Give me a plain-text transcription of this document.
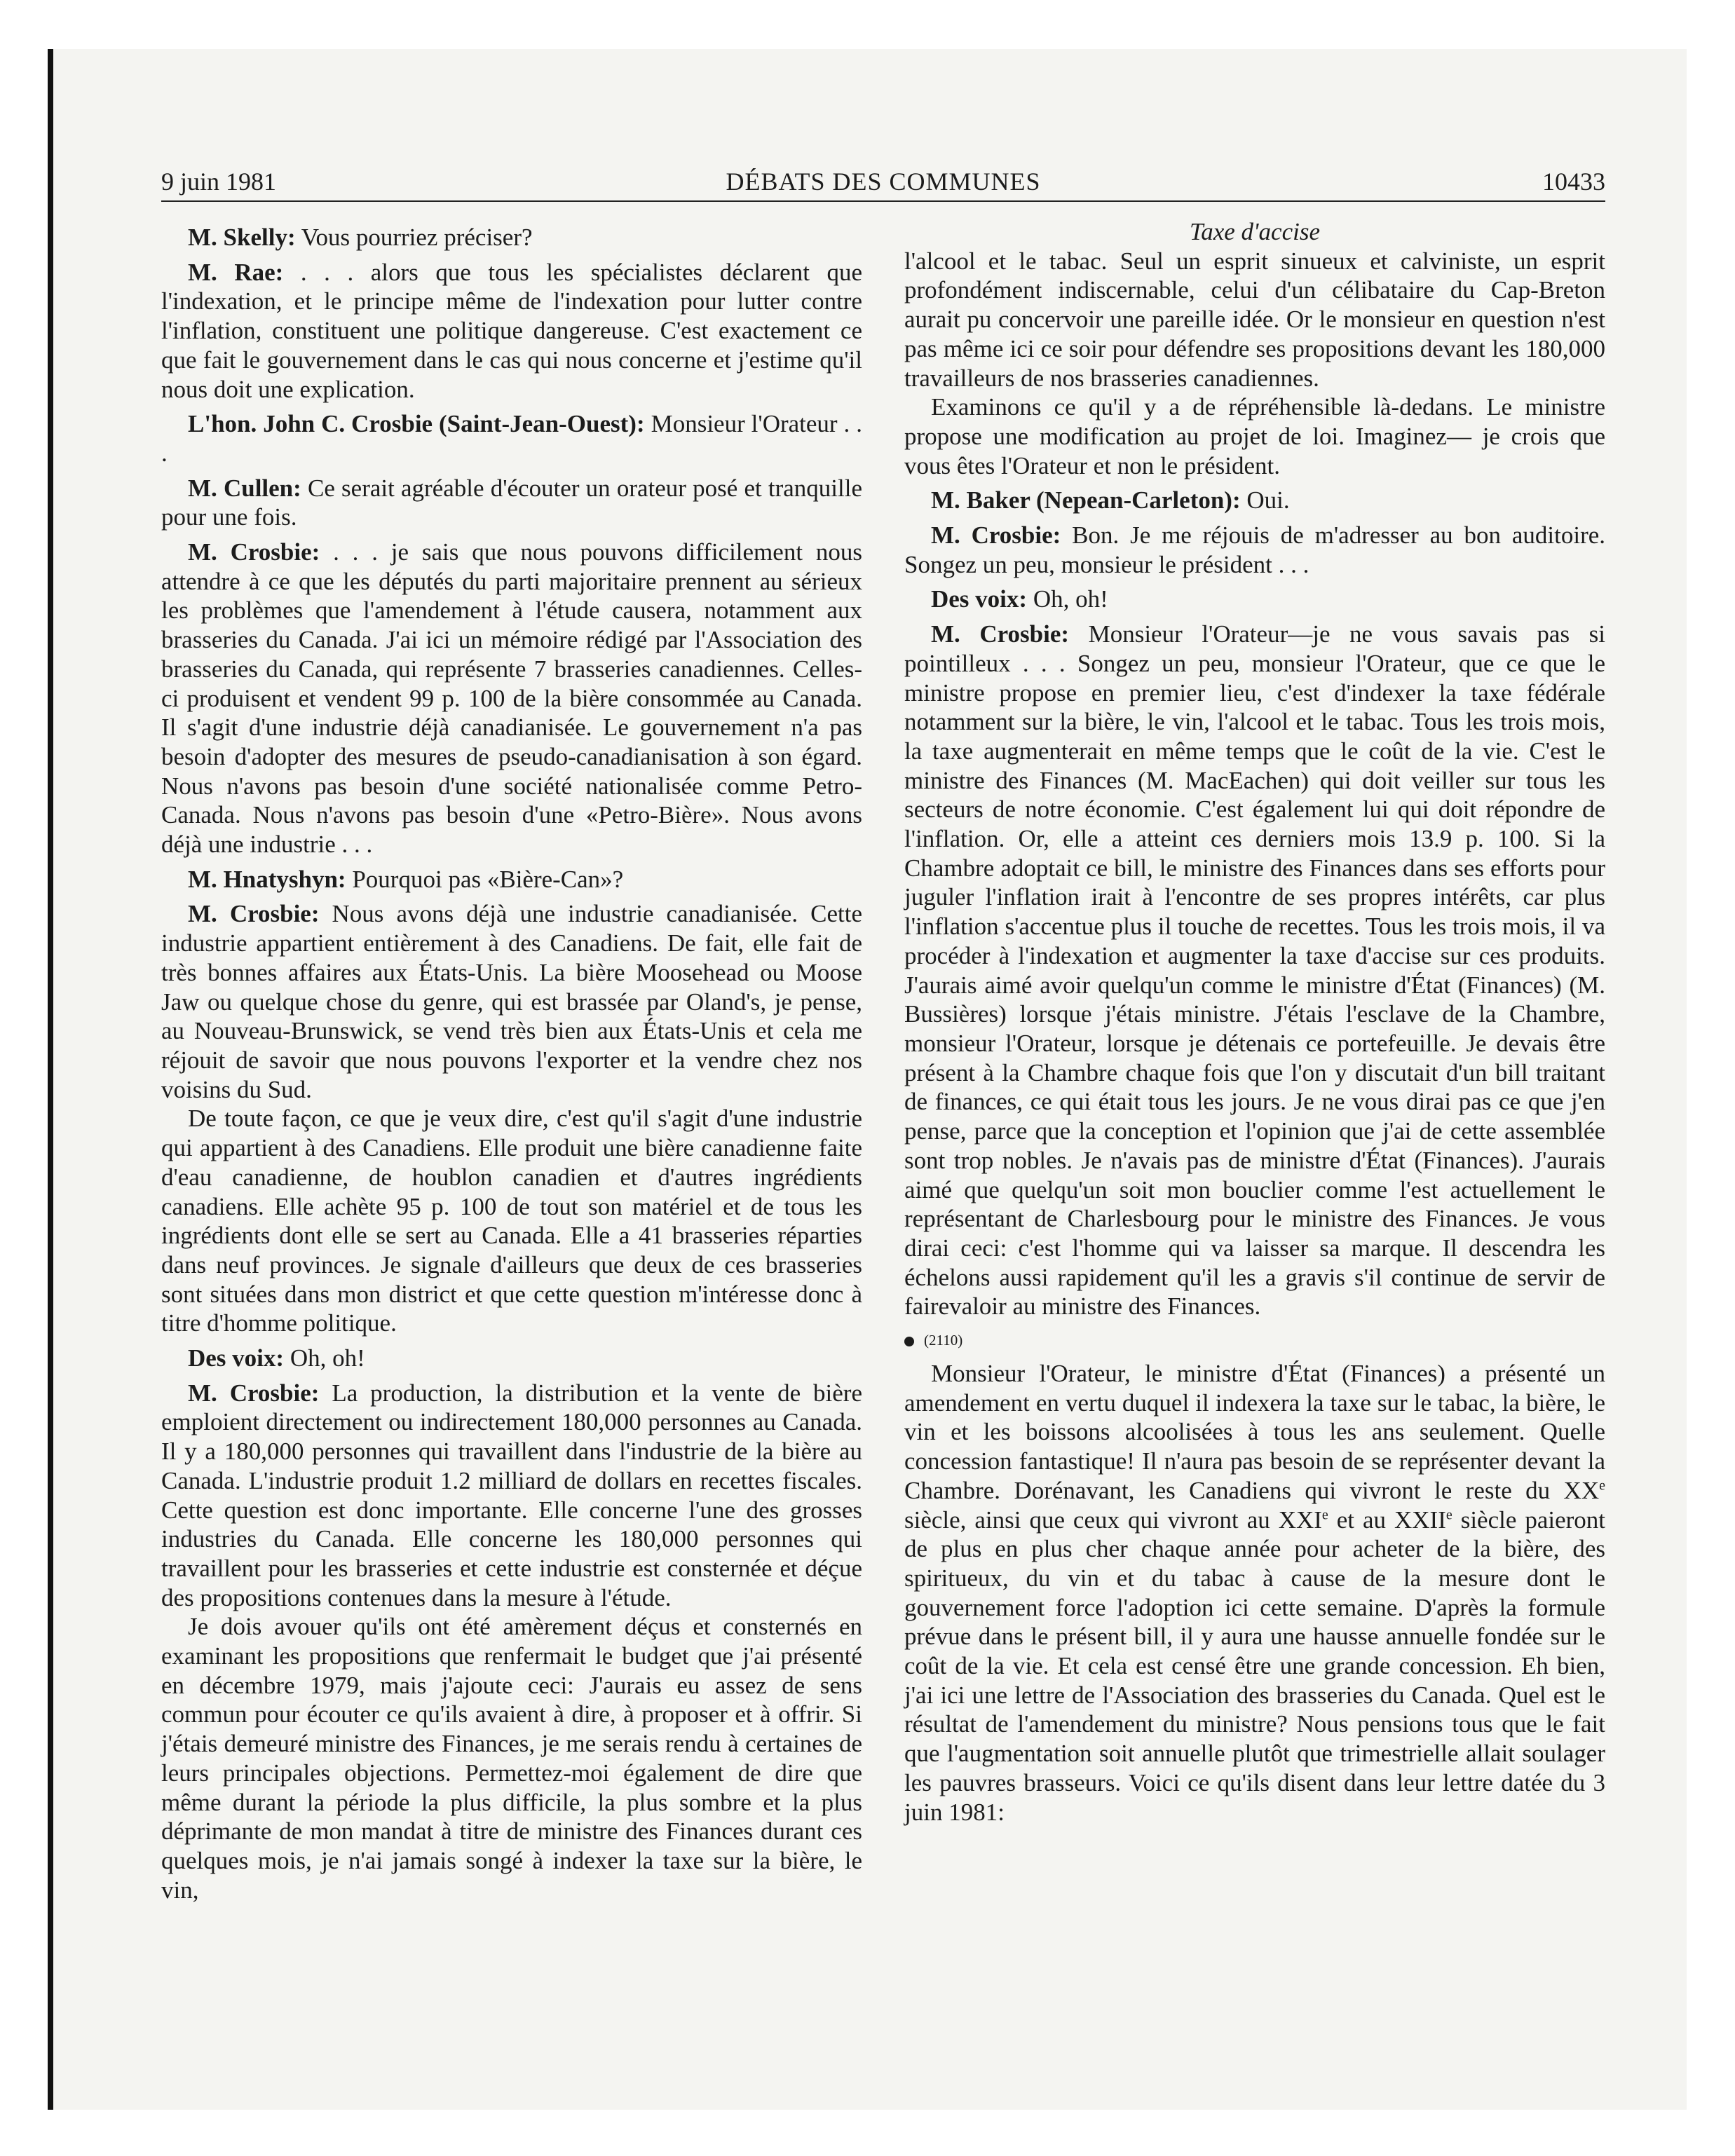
9 juin 1981	DÉBATS DES COMMUNES	10433

M. Skelly: Vous pourriez préciser?

M. Rae: . . . alors que tous les spécialistes déclarent que l'indexation, et le principe même de l'indexation pour lutter contre l'inflation, constituent une politique dangereuse. C'est exactement ce que fait le gouvernement dans le cas qui nous concerne et j'estime qu'il nous doit une explication.

L'hon. John C. Crosbie (Saint-Jean-Ouest): Monsieur l'Orateur . . .

M. Cullen: Ce serait agréable d'écouter un orateur posé et tranquille pour une fois.

M. Crosbie: . . . je sais que nous pouvons difficilement nous attendre à ce que les députés du parti majoritaire prennent au sérieux les problèmes que l'amendement à l'étude causera, notamment aux brasseries du Canada. J'ai ici un mémoire rédigé par l'Association des brasseries du Canada, qui représente 7 brasseries canadiennes. Celles-ci produisent et vendent 99 p. 100 de la bière consommée au Canada. Il s'agit d'une industrie déjà canadianisée. Le gouvernement n'a pas besoin d'adopter des mesures de pseudo-canadianisation à son égard. Nous n'avons pas besoin d'une société nationalisée comme Petro-Canada. Nous n'avons pas besoin d'une «Petro-Bière». Nous avons déjà une industrie . . .

M. Hnatyshyn: Pourquoi pas «Bière-Can»?

M. Crosbie: Nous avons déjà une industrie canadianisée. Cette industrie appartient entièrement à des Canadiens. De fait, elle fait de très bonnes affaires aux États-Unis. La bière Moosehead ou Moose Jaw ou quelque chose du genre, qui est brassée par Oland's, je pense, au Nouveau-Brunswick, se vend très bien aux États-Unis et cela me réjouit de savoir que nous pouvons l'exporter et la vendre chez nos voisins du Sud.

De toute façon, ce que je veux dire, c'est qu'il s'agit d'une industrie qui appartient à des Canadiens. Elle produit une bière canadienne faite d'eau canadienne, de houblon canadien et d'autres ingrédients canadiens. Elle achète 95 p. 100 de tout son matériel et de tous les ingrédients dont elle se sert au Canada. Elle a 41 brasseries réparties dans neuf provinces. Je signale d'ailleurs que deux de ces brasseries sont situées dans mon district et que cette question m'intéresse donc à titre d'homme politique.

Des voix: Oh, oh!

M. Crosbie: La production, la distribution et la vente de bière emploient directement ou indirectement 180,000 personnes au Canada. Il y a 180,000 personnes qui travaillent dans l'industrie de la bière au Canada. L'industrie produit 1.2 milliard de dollars en recettes fiscales. Cette question est donc importante. Elle concerne l'une des grosses industries du Canada. Elle concerne les 180,000 personnes qui travaillent pour les brasseries et cette industrie est consternée et déçue des propositions contenues dans la mesure à l'étude.

Je dois avouer qu'ils ont été amèrement déçus et consternés en examinant les propositions que renfermait le budget que j'ai présenté en décembre 1979, mais j'ajoute ceci: J'aurais eu assez de sens commun pour écouter ce qu'ils avaient à dire, à proposer et à offrir. Si j'étais demeuré ministre des Finances, je me serais rendu à certaines de leurs principales objections. Permettez-moi également de dire que même durant la période la plus difficile, la plus sombre et la plus déprimante de mon mandat à titre de ministre des Finances durant ces quelques mois, je n'ai jamais songé à indexer la taxe sur la bière, le vin,

Taxe d'accise

l'alcool et le tabac. Seul un esprit sinueux et calviniste, un esprit profondément indiscernable, celui d'un célibataire du Cap-Breton aurait pu concervoir une pareille idée. Or le monsieur en question n'est pas même ici ce soir pour défendre ses propositions devant les 180,000 travailleurs de nos brasseries canadiennes.

Examinons ce qu'il y a de répréhensible là-dedans. Le ministre propose une modification au projet de loi. Imaginez— je crois que vous êtes l'Orateur et non le président.

M. Baker (Nepean-Carleton): Oui.

M. Crosbie: Bon. Je me réjouis de m'adresser au bon auditoire. Songez un peu, monsieur le président . . .

Des voix: Oh, oh!

M. Crosbie: Monsieur l'Orateur—je ne vous savais pas si pointilleux . . . Songez un peu, monsieur l'Orateur, que ce que le ministre propose en premier lieu, c'est d'indexer la taxe fédérale notamment sur la bière, le vin, l'alcool et le tabac. Tous les trois mois, la taxe augmenterait en même temps que le coût de la vie. C'est le ministre des Finances (M. MacEachen) qui doit veiller sur tous les secteurs de notre économie. C'est également lui qui doit répondre de l'inflation. Or, elle a atteint ces derniers mois 13.9 p. 100. Si la Chambre adoptait ce bill, le ministre des Finances dans ses efforts pour juguler l'inflation irait à l'encontre de ses propres intérêts, car plus l'inflation s'accentue plus il touche de recettes. Tous les trois mois, il va procéder à l'indexation et augmenter la taxe d'accise sur ces produits. J'aurais aimé avoir quelqu'un comme le ministre d'État (Finances) (M. Bussières) lorsque j'étais ministre. J'étais l'esclave de la Chambre, monsieur l'Orateur, lorsque je détenais ce portefeuille. Je devais être présent à la Chambre chaque fois que l'on y discutait d'un bill traitant de finances, ce qui était tous les jours. Je ne vous dirai pas ce que j'en pense, parce que la conception et l'opinion que j'ai de cette assemblée sont trop nobles. Je n'avais pas de ministre d'État (Finances). J'aurais aimé que quelqu'un soit mon bouclier comme l'est actuellement le représentant de Charlesbourg pour le ministre des Finances. Je vous dirai ceci: c'est l'homme qui va laisser sa marque. Il descendra les échelons aussi rapidement qu'il les a gravis s'il continue de servir de fairevaloir au ministre des Finances.

(2110)

Monsieur l'Orateur, le ministre d'État (Finances) a présenté un amendement en vertu duquel il indexera la taxe sur le tabac, la bière, le vin et les boissons alcoolisées à tous les ans seulement. Quelle concession fantastique! Il n'aura pas besoin de se représenter devant la Chambre. Dorénavant, les Canadiens qui vivront le reste du XXe siècle, ainsi que ceux qui vivront au XXIe et au XXIIe siècle paieront de plus en plus cher chaque année pour acheter de la bière, des spiritueux, du vin et du tabac à cause de la mesure dont le gouvernement force l'adoption ici cette semaine. D'après la formule prévue dans le présent bill, il y aura une hausse annuelle fondée sur le coût de la vie. Et cela est censé être une grande concession. Eh bien, j'ai ici une lettre de l'Association des brasseries du Canada. Quel est le résultat de l'amendement du ministre? Nous pensions tous que le fait que l'augmentation soit annuelle plutôt que trimestrielle allait soulager les pauvres brasseurs. Voici ce qu'ils disent dans leur lettre datée du 3 juin 1981:
